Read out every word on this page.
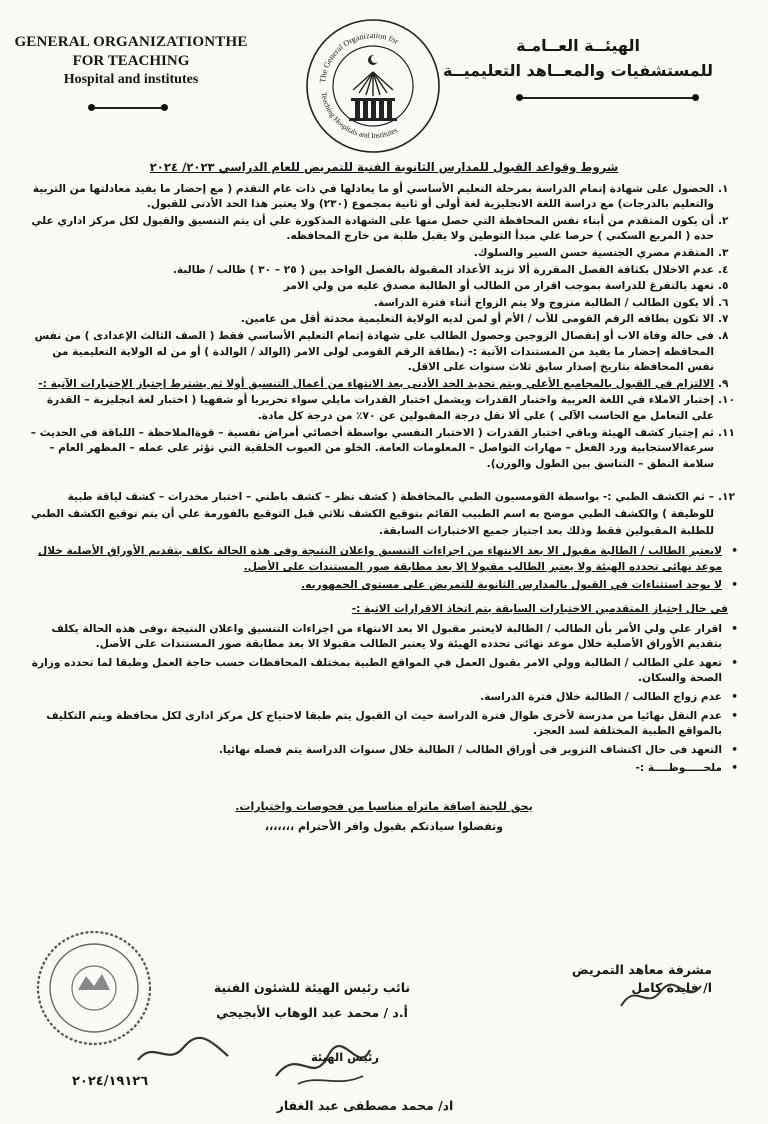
GENERAL ORGANIZATIONTHE
FOR TEACHING
Hospital and institutes	The General Organization for
Teaching Hospitals and Institutes
الهيئــة العــامـة
للمستشفيات والمعــاهد التعليميــة
شروط وقواعد القبول للمدارس الثانوية الفنية للتمريض للعام الدراسي ٢٠٢٣/ ٢٠٢٤
١.
الحصول على شهادة إتمام الدراسة بمرحلة التعليم الأساسي أو ما يعادلها في ذات عام التقدم ( مع إحضار ما يفيد معادلتها من التربية والتعليم بالدرجات) مع دراسة اللغة الانجليزية لغة أولى أو ثانية بمجموع (٢٣٠) ولا يعتبر هذا الحد الأدنى للقبول.
٢.
أن يكون المتقدم من أبناء نفس المحافظة التي حصل منها على الشهادة المذكورة علي أن يتم التنسيق والقبول لكل مركز اداري علي حده ( المربع السكني ) حرصا علي مبدأ التوطين ولا يقبل طلبة من خارج المحافظه.
٣.
المتقدم مصري الجنسية حسن السير والسلوك.
٤.
عدم الاخلال بكثافة الفصل المقررة ألا تزيد الأعداد المقبولة بالفصل الواحد بين ( ٢٥ – ٣٠ ) طالب / طالبة.
٥.
تعهد بالتفرغ للدراسة بموجب اقرار من الطالب أو الطالبة مصدق عليه من ولي الامر
٦.
ألا يكون الطالب / الطالبة متزوج ولا يتم الزواج أثناء فترة الدراسة.
٧.
الا تكون بطاقه الرقم القومى للأب / الأم أو لمن لديه الولاية التعليمية محدثة أقل من عامين.
٨.
فى حالة وفاة الاب أو إنفصال الزوجين وحصول الطالب على شهادة إتمام التعليم الأساسي فقط ( الصف الثالث الإعدادى ) من نفس المحافظه إحضار ما يفيد من المستندات الآتية :- (بطاقة الرقم القومى لولى الامر (الوالد / الوالدة ) أو من له الولاية التعليمية من نفس المحافظة بتاريخ إصدار سابق ثلاث سنوات على الاقل.
٩.
الالتزام في القبول بالمجاميع الأعلي ويتم تحديد الحد الأدنى بعد الانتهاء من أعمال التنسيق أولا ثم يشترط إجتياز الإختبارات الآتية :-
١٠.
إختبار الاملاء في اللغة العربية واختبار القدرات ويشمل اختبار القدرات مايلي سواء تحريريا أو شفهيا ( اختبار لغة انجليزية – القدرة على التعامل مع الحاسب الآلى ) على ألا تقل درجة المقبولين عن ٧٠٪ من درجة كل مادة.
١١.
ثم إجتياز كشف الهيئة وباقي اختبار القدرات ( الاختبار النفسي بواسطة أخصائي أمراض نفسية – قوةالملاحظة – اللباقة في الحديث – سرعةالاستجابية ورد الفعل – مهارات التواصل – المعلومات العامة. الخلو من العيوب الخلقية التي تؤثر على عمله – المظهر العام – سلامة النطق – التناسق بين الطول والوزن).

١٢.
– ثم الكشف الطبي :- بواسطة القومسيون الطبي بالمحافظة ( كشف نظر – كشف باطني – اختبار مخدرات – كشف لياقة طبية للوظيفة ) والكشف الطبي موضح به اسم الطبيب القائم بتوقيع الكشف ثلاثي قبل التوقيع بالفورمة علي أن يتم توقيع الكشف الطبي للطلبة المقبولين فقط وذلك بعد اجتياز جميع الاختبارات السابقة.

• لايعتبر الطالب / الطالبة مقبول الا بعد الانتهاء من اجراءات التنسيق واعلان النتيجة وفى هذه الحالة يكلف بتقديم الأوراق الأصلية خلال موعد نهائى تحدده الهيئة ولا يعتبر الطالب مقبولا إلا بعد مطابقة صور المستندات على الأصل.
• لا يوجد استثناءات في القبول بالمدارس الثانوية للتمريض على مستوى الجمهوريه.
في حال اجتياز المتقدمين الاختبارات السابقة يتم اتخاذ الاقرارات الاتية :-
• اقرار علي ولي الأمر بأن الطالب / الطالبة لايعتبر مقبول الا بعد الانتهاء من اجراءات التنسيق واعلان النتيجة ،وفى هذه الحالة يكلف بتقديم الأوراق الأصلية خلال موعد نهائى تحدده الهيئة ولا يعتبر الطالب مقبولا الا بعد مطابقة صور المستندات على الأصل.
• تعهد علي الطالب / الطالبة وولي الامر بقبول العمل في المواقع الطبية بمختلف المحافظات حسب حاجة العمل وطبقا لما تحدده وزارة الصحة والسكان.
• عدم زواج الطالب / الطالبة خلال فترة الدراسة.
• عدم النقل نهائيا من مدرسة لأخرى طوال فترة الدراسة حيث ان القبول يتم طبقا لاحتياج كل مركز ادارى لكل محافظة ويتم التكليف بالمواقع الطبية المختلفة لسد العجز.
• التعهد فى حال اكتشاف التزوير فى أوراق الطالب / الطالبة خلال سنوات الدراسة يتم فصله نهائيا.
• ملحـــــوظــــة :-
يحق للجنة اضافة ماتراه مناسبا من فحوصات واختبارات.
وتفضلوا سيادتكم بقبول وافر الأحترام ،،،،،،،
مشرفة معاهد التمريض
ا/ فايدة كامل
نائب رئيس الهيئة للشئون الفنية
أ.د / محمد عبد الوهاب الأبجيجي
رئيس الهيئة
اد/ محمد مصطفى عبد الغفار
٢٠٢٤/١٩١٢٦
